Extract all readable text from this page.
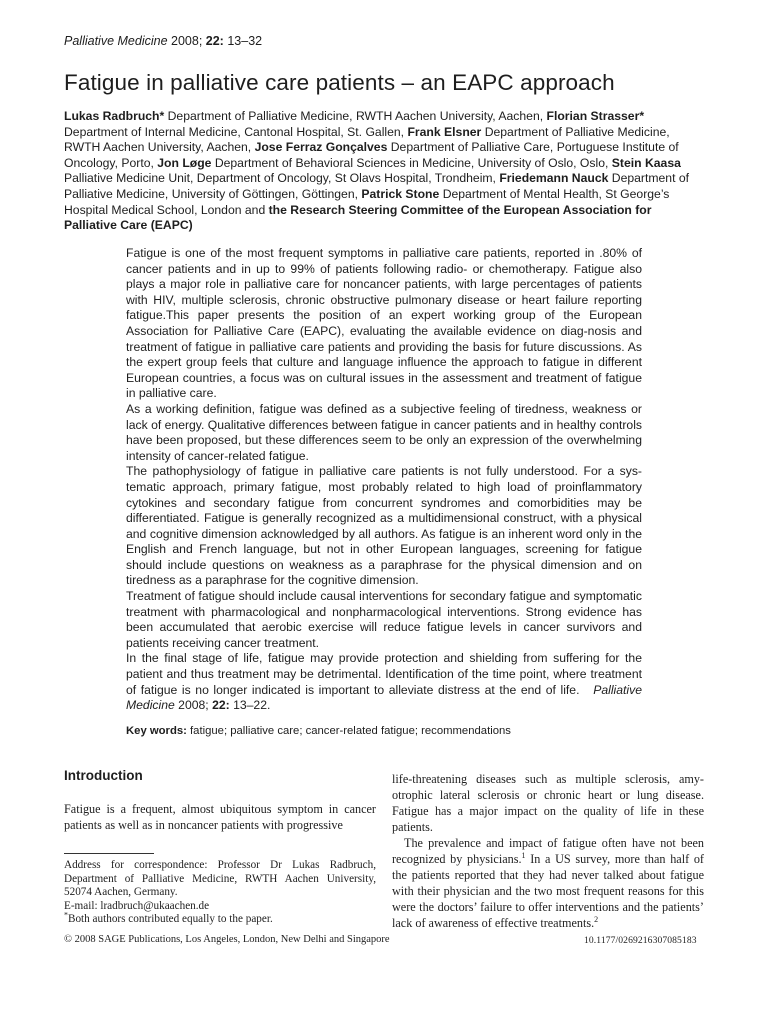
Palliative Medicine 2008; 22: 13–32
Fatigue in palliative care patients – an EAPC approach
Lukas Radbruch* Department of Palliative Medicine, RWTH Aachen University, Aachen, Florian Strasser* Department of Internal Medicine, Cantonal Hospital, St. Gallen, Frank Elsner Department of Palliative Medicine, RWTH Aachen University, Aachen, Jose Ferraz Gonçalves Department of Palliative Care, Portuguese Institute of Oncology, Porto, Jon Løge Department of Behavioral Sciences in Medicine, University of Oslo, Oslo, Stein Kaasa Palliative Medicine Unit, Department of Oncology, St Olavs Hospital, Trondheim, Friedemann Nauck Department of Palliative Medicine, University of Göttingen, Göttingen, Patrick Stone Department of Mental Health, St George’s Hospital Medical School, London and the Research Steering Committee of the European Association for Palliative Care (EAPC)

Fatigue is one of the most frequent symptoms in palliative care patients, reported in .80% of cancer patients and in up to 99% of patients following radio- or chemotherapy. Fatigue also plays a major role in palliative care for noncancer patients, with large percentages of patients with HIV, multiple sclerosis, chronic obstructive pulmonary disease or heart failure reporting fatigue.This paper presents the position of an expert working group of the European Association for Palliative Care (EAPC), evaluating the available evidence on diag-nosis and treatment of fatigue in palliative care patients and providing the basis for future discussions. As the expert group feels that culture and language influence the approach to fatigue in different European countries, a focus was on cultural issues in the assessment and treatment of fatigue in palliative care.

As a working definition, fatigue was defined as a subjective feeling of tiredness, weakness or lack of energy. Qualitative differences between fatigue in cancer patients and in healthy controls have been proposed, but these differences seem to be only an expression of the overwhelming intensity of cancer-related fatigue.

The pathophysiology of fatigue in palliative care patients is not fully understood. For a sys-tematic approach, primary fatigue, most probably related to high load of proinflammatory cytokines and secondary fatigue from concurrent syndromes and comorbidities may be differentiated. Fatigue is generally recognized as a multidimensional construct, with a physical and cognitive dimension acknowledged by all authors. As fatigue is an inherent word only in the English and French language, but not in other European languages, screening for fatigue should include questions on weakness as a paraphrase for the physical dimension and on tiredness as a paraphrase for the cognitive dimension.

Treatment of fatigue should include causal interventions for secondary fatigue and symptomatic treatment with pharmacological and nonpharmacological interventions. Strong evidence has been accumulated that aerobic exercise will reduce fatigue levels in cancer survivors and patients receiving cancer treatment.

In the final stage of life, fatigue may provide protection and shielding from suffering for the patient and thus treatment may be detrimental. Identification of the time point, where treatment of fatigue is no longer indicated is important to alleviate distress at the end of life. Palliative Medicine 2008; 22: 13–22.

Key words: fatigue; palliative care; cancer-related fatigue; recommendations
Introduction

Fatigue is a frequent, almost ubiquitous symptom in cancer patients as well as in noncancer patients with progressive

Address for correspondence: Professor Dr Lukas Radbruch, Department of Palliative Medicine, RWTH Aachen University, 52074 Aachen, Germany.

E-mail: lradbruch@ukaachen.de

*Both authors contributed equally to the paper.

life-threatening diseases such as multiple sclerosis, amy-otrophic lateral sclerosis or chronic heart or lung disease. Fatigue has a major impact on the quality of life in these patients.

The prevalence and impact of fatigue often have not been recognized by physicians.$^1$ In a US survey, more than half of the patients reported that they had never talked about fatigue with their physician and the two most frequent reasons for this were the doctors’ failure to offer interventions and the patients’ lack of awareness of effective treatments.$^2$

© 2008 SAGE Publications, Los Angeles, London, New Delhi and Singapore	10.1177/0269216307085183
